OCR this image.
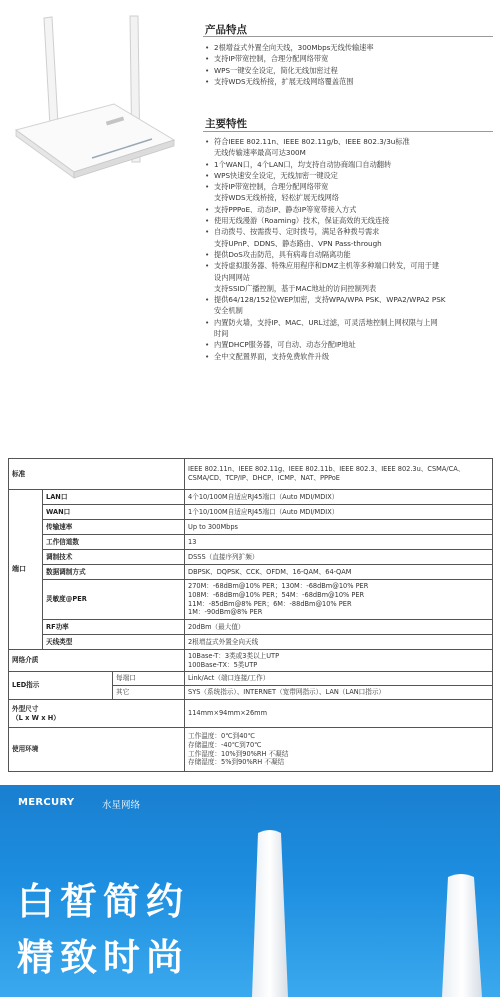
产品特点
• 2根增益式外置全向天线，300Mbps无线传输速率
• 支持IP带宽控制，合理分配网络带宽
• WPS一键安全设定，简化无线加密过程
• 支持WDS无线桥接，扩展无线网络覆盖范围
主要特性
• 符合IEEE 802.11n、IEEE 802.11g/b、IEEE 802.3/3u标准
无线传输速率最高可达300M
• 1个WAN口，4个LAN口，均支持自动协商端口自动翻转
• WPS快速安全设定，无线加密一键设定
• 支持IP带宽控制，合理分配网络带宽
支持WDS无线桥接，轻松扩展无线网络
• 支持PPPoE、动态IP、静态IP等宽带接入方式
• 使用无线漫游（Roaming）技术，保证高效的无线连接
• 自动拨号、按需拨号、定时拨号，满足各种拨号需求
支持UPnP、DDNS、静态路由、VPN Pass-through
• 提供DoS攻击防范，具有病毒自动隔离功能
• 支持虚拟服务器、特殊应用程序和DMZ主机等多种端口转发，可用于建
设内网网站
支持SSID广播控制，基于MAC地址的访问控制列表
• 提供64/128/152位WEP加密，支持WPA/WPA PSK、WPA2/WPA2 PSK
安全机制
• 内置防火墙，支持IP、MAC、URL过滤，可灵活地控制上网权限与上网
时间
• 内置DHCP服务器，可自动、动态分配IP地址
• 全中文配置界面，支持免费软件升级
标准			IEEE 802.11n、IEEE 802.11g、IEEE 802.11b、IEEE 802.3、IEEE 802.3u、CSMA/CA、CSMA/CD、TCP/IP、DHCP、ICMP、NAT、PPPoE
端口	LAN口		4个10/100M自适应RJ45端口（Auto MDI/MDIX）
	WAN口		1个10/100M自适应RJ45端口（Auto MDI/MDIX）
	传输速率		Up to 300Mbps
	工作信道数		13
	调制技术		DSSS（直接序列扩频）
	数据调制方式		DBPSK、DQPSK、CCK、OFDM、16-QAM、64-QAM
	灵敏度@PER		270M：-68dBm@10% PER；130M：-68dBm@10% PER
108M：-68dBm@10% PER；54M：-68dBm@10% PER
11M：-85dBm@8% PER；6M：-88dBm@10% PER
1M：-90dBm@8% PER

	RF功率		20dBm（最大值）
	天线类型		2根增益式外置全向天线
网络介质			10Base-T：3类或3类以上UTP
100Base-TX：5类UTP

LED指示		每端口	Link/Act（端口连接/工作）
		其它	SYS（系统指示）、INTERNET（宽带网指示）、LAN（LAN口指示）

外型尺寸
（L x W x H）			114mm×94mm×26mm
使用环境			工作温度：0℃到40℃
存储温度：-40℃到70℃
工作湿度：10%到90%RH 不凝结
存储湿度：5%到90%RH 不凝结
MERCURY	水星网络
白皙简约
精致时尚
